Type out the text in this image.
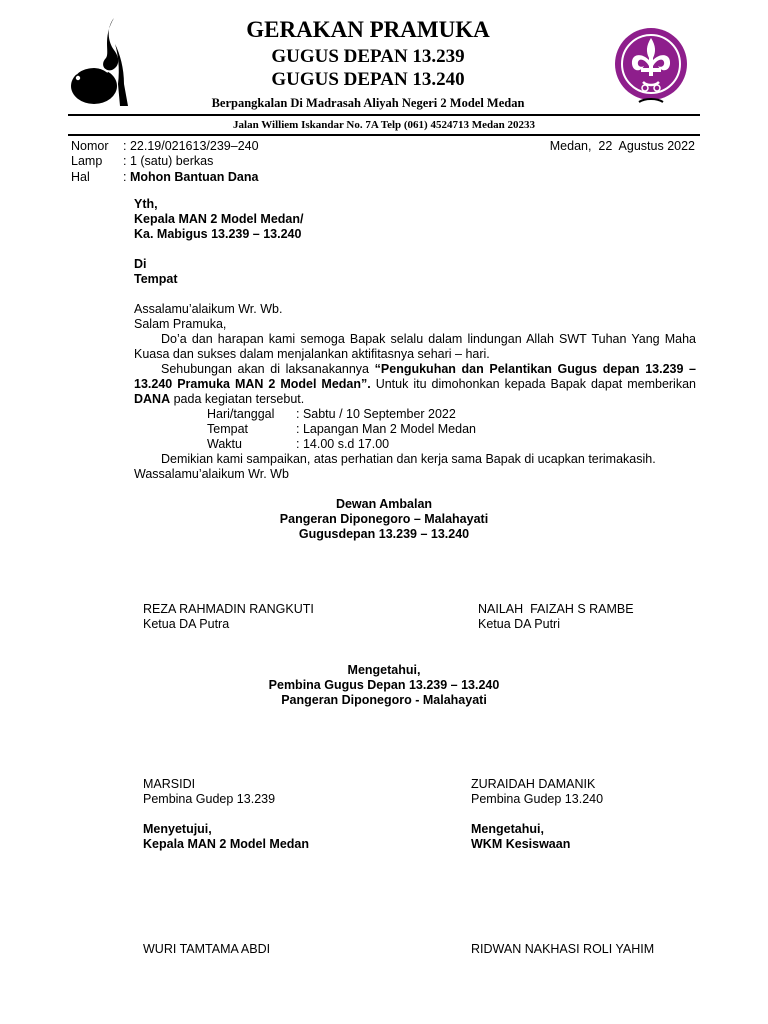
GERAKAN PRAMUKA
GUGUS DEPAN 13.239
GUGUS DEPAN 13.240
Berpangkalan Di Madrasah Aliyah Negeri 2 Model Medan
Jalan Williem Iskandar No. 7A Telp (061) 4524713 Medan 20233
Nomor : 22.19/021613/239–240
Lamp : 1 (satu) berkas
Hal	: Mohon Bantuan Dana
Medan,  22  Agustus 2022
Yth,
Kepala MAN 2 Model Medan/
Ka. Mabigus 13.239 – 13.240
Di
Tempat
Assalamu’alaikum Wr. Wb.
Salam Pramuka,
Do’a dan harapan kami semoga Bapak selalu dalam lindungan Allah SWT Tuhan Yang Maha Kuasa dan sukses dalam menjalankan aktifitasnya sehari – hari.
Sehubungan akan di laksanakannya “Pengukuhan dan Pelantikan Gugus depan 13.239 – 13.240 Pramuka MAN 2 Model Medan”. Untuk itu dimohonkan kepada Bapak dapat memberikan DANA pada kegiatan tersebut.
Hari/tanggal : Sabtu / 10 September 2022
Tempat	: Lapangan Man 2 Model Medan
Waktu	: 14.00 s.d 17.00
Demikian kami sampaikan, atas perhatian dan kerja sama Bapak di ucapkan terimakasih.
Wassalamu’alaikum Wr. Wb
Dewan Ambalan
Pangeran Diponegoro – Malahayati
Gugusdepan 13.239 – 13.240
REZA RAHMADIN RANGKUTI
Ketua DA Putra
NAILAH  FAIZAH S RAMBE
Ketua DA Putri
Mengetahui,
Pembina Gugus Depan 13.239 – 13.240
Pangeran Diponegoro - Malahayati
MARSIDI
Pembina Gudep 13.239
ZURAIDAH DAMANIK
Pembina Gudep 13.240
Menyetujui,
Kepala MAN 2 Model Medan
Mengetahui,
WKM Kesiswaan
WURI TAMTAMA ABDI	RIDWAN NAKHASI ROLI YAHIM
